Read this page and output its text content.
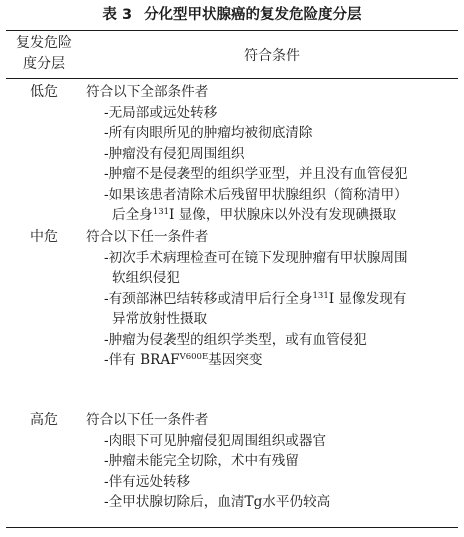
表 3 分化型甲状腺癌的复发危险度分层
复发危险
度分层	符合条件
低危	符合以下全部条件者
-无局部或远处转移
-所有肉眼所见的肿瘤均被彻底清除
-肿瘤没有侵犯周围组织
-肿瘤不是侵袭型的组织学亚型，并且没有血管侵犯
-如果该患者清除术后残留甲状腺组织（简称清甲）
后全身$^{131}$I 显像，甲状腺床以外没有发现碘摄取
中危	符合以下任一条件者
-初次手术病理检查可在镜下发现肿瘤有甲状腺周围
软组织侵犯
-有颈部淋巴结转移或清甲后行全身$^{131}$I 显像发现有
异常放射性摄取
-肿瘤为侵袭型的组织学类型，或有血管侵犯
-伴有 $BRAF^{V600E}$基因突变
高危	符合以下任一条件者
-肉眼下可见肿瘤侵犯周围组织或器官
-肿瘤未能完全切除，术中有残留
-伴有远处转移
-全甲状腺切除后，血清Tg水平仍较高
